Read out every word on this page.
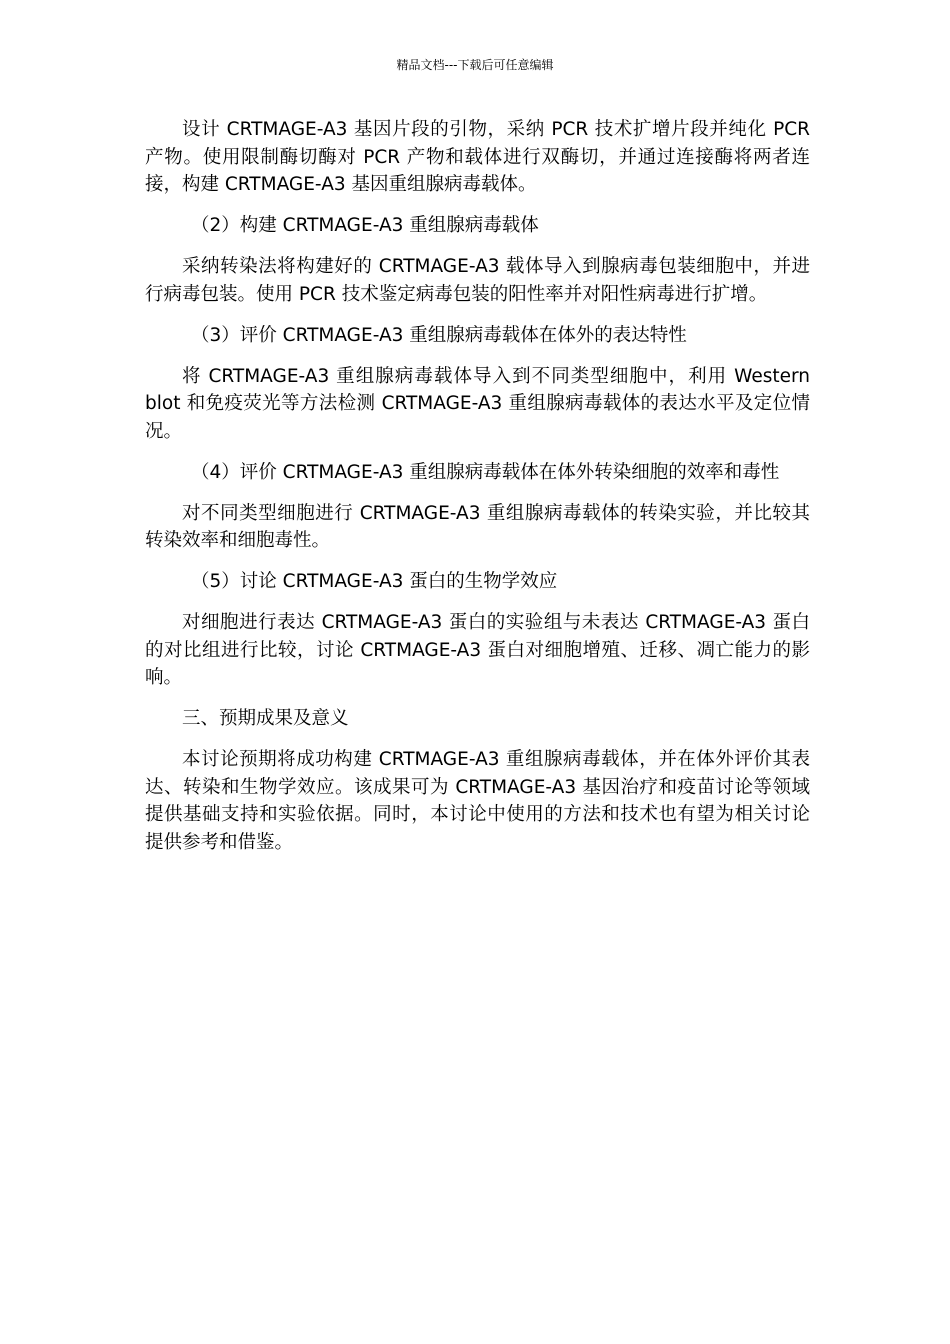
精品文档---下载后可任意编辑

设计 CRTMAGE-A3 基因片段的引物，采纳 PCR 技术扩增片段并纯化 PCR 产物。使用限制酶切酶对 PCR 产物和载体进行双酶切，并通过连接酶将两者连接，构建 CRTMAGE-A3 基因重组腺病毒载体。

（2）构建 CRTMAGE-A3 重组腺病毒载体

采纳转染法将构建好的 CRTMAGE-A3 载体导入到腺病毒包装细胞中，并进行病毒包装。使用 PCR 技术鉴定病毒包装的阳性率并对阳性病毒进行扩增。

（3）评价 CRTMAGE-A3 重组腺病毒载体在体外的表达特性

将 CRTMAGE-A3 重组腺病毒载体导入到不同类型细胞中，利用 Western blot 和免疫荧光等方法检测 CRTMAGE-A3 重组腺病毒载体的表达水平及定位情况。

（4）评价 CRTMAGE-A3 重组腺病毒载体在体外转染细胞的效率和毒性

对不同类型细胞进行 CRTMAGE-A3 重组腺病毒载体的转染实验，并比较其转染效率和细胞毒性。

（5）讨论 CRTMAGE-A3 蛋白的生物学效应

对细胞进行表达 CRTMAGE-A3 蛋白的实验组与未表达 CRTMAGE-A3 蛋白的对比组进行比较，讨论 CRTMAGE-A3 蛋白对细胞增殖、迁移、凋亡能力的影响。

三、预期成果及意义

本讨论预期将成功构建 CRTMAGE-A3 重组腺病毒载体，并在体外评价其表达、转染和生物学效应。该成果可为 CRTMAGE-A3 基因治疗和疫苗讨论等领域提供基础支持和实验依据。同时，本讨论中使用的方法和技术也有望为相关讨论提供参考和借鉴。
